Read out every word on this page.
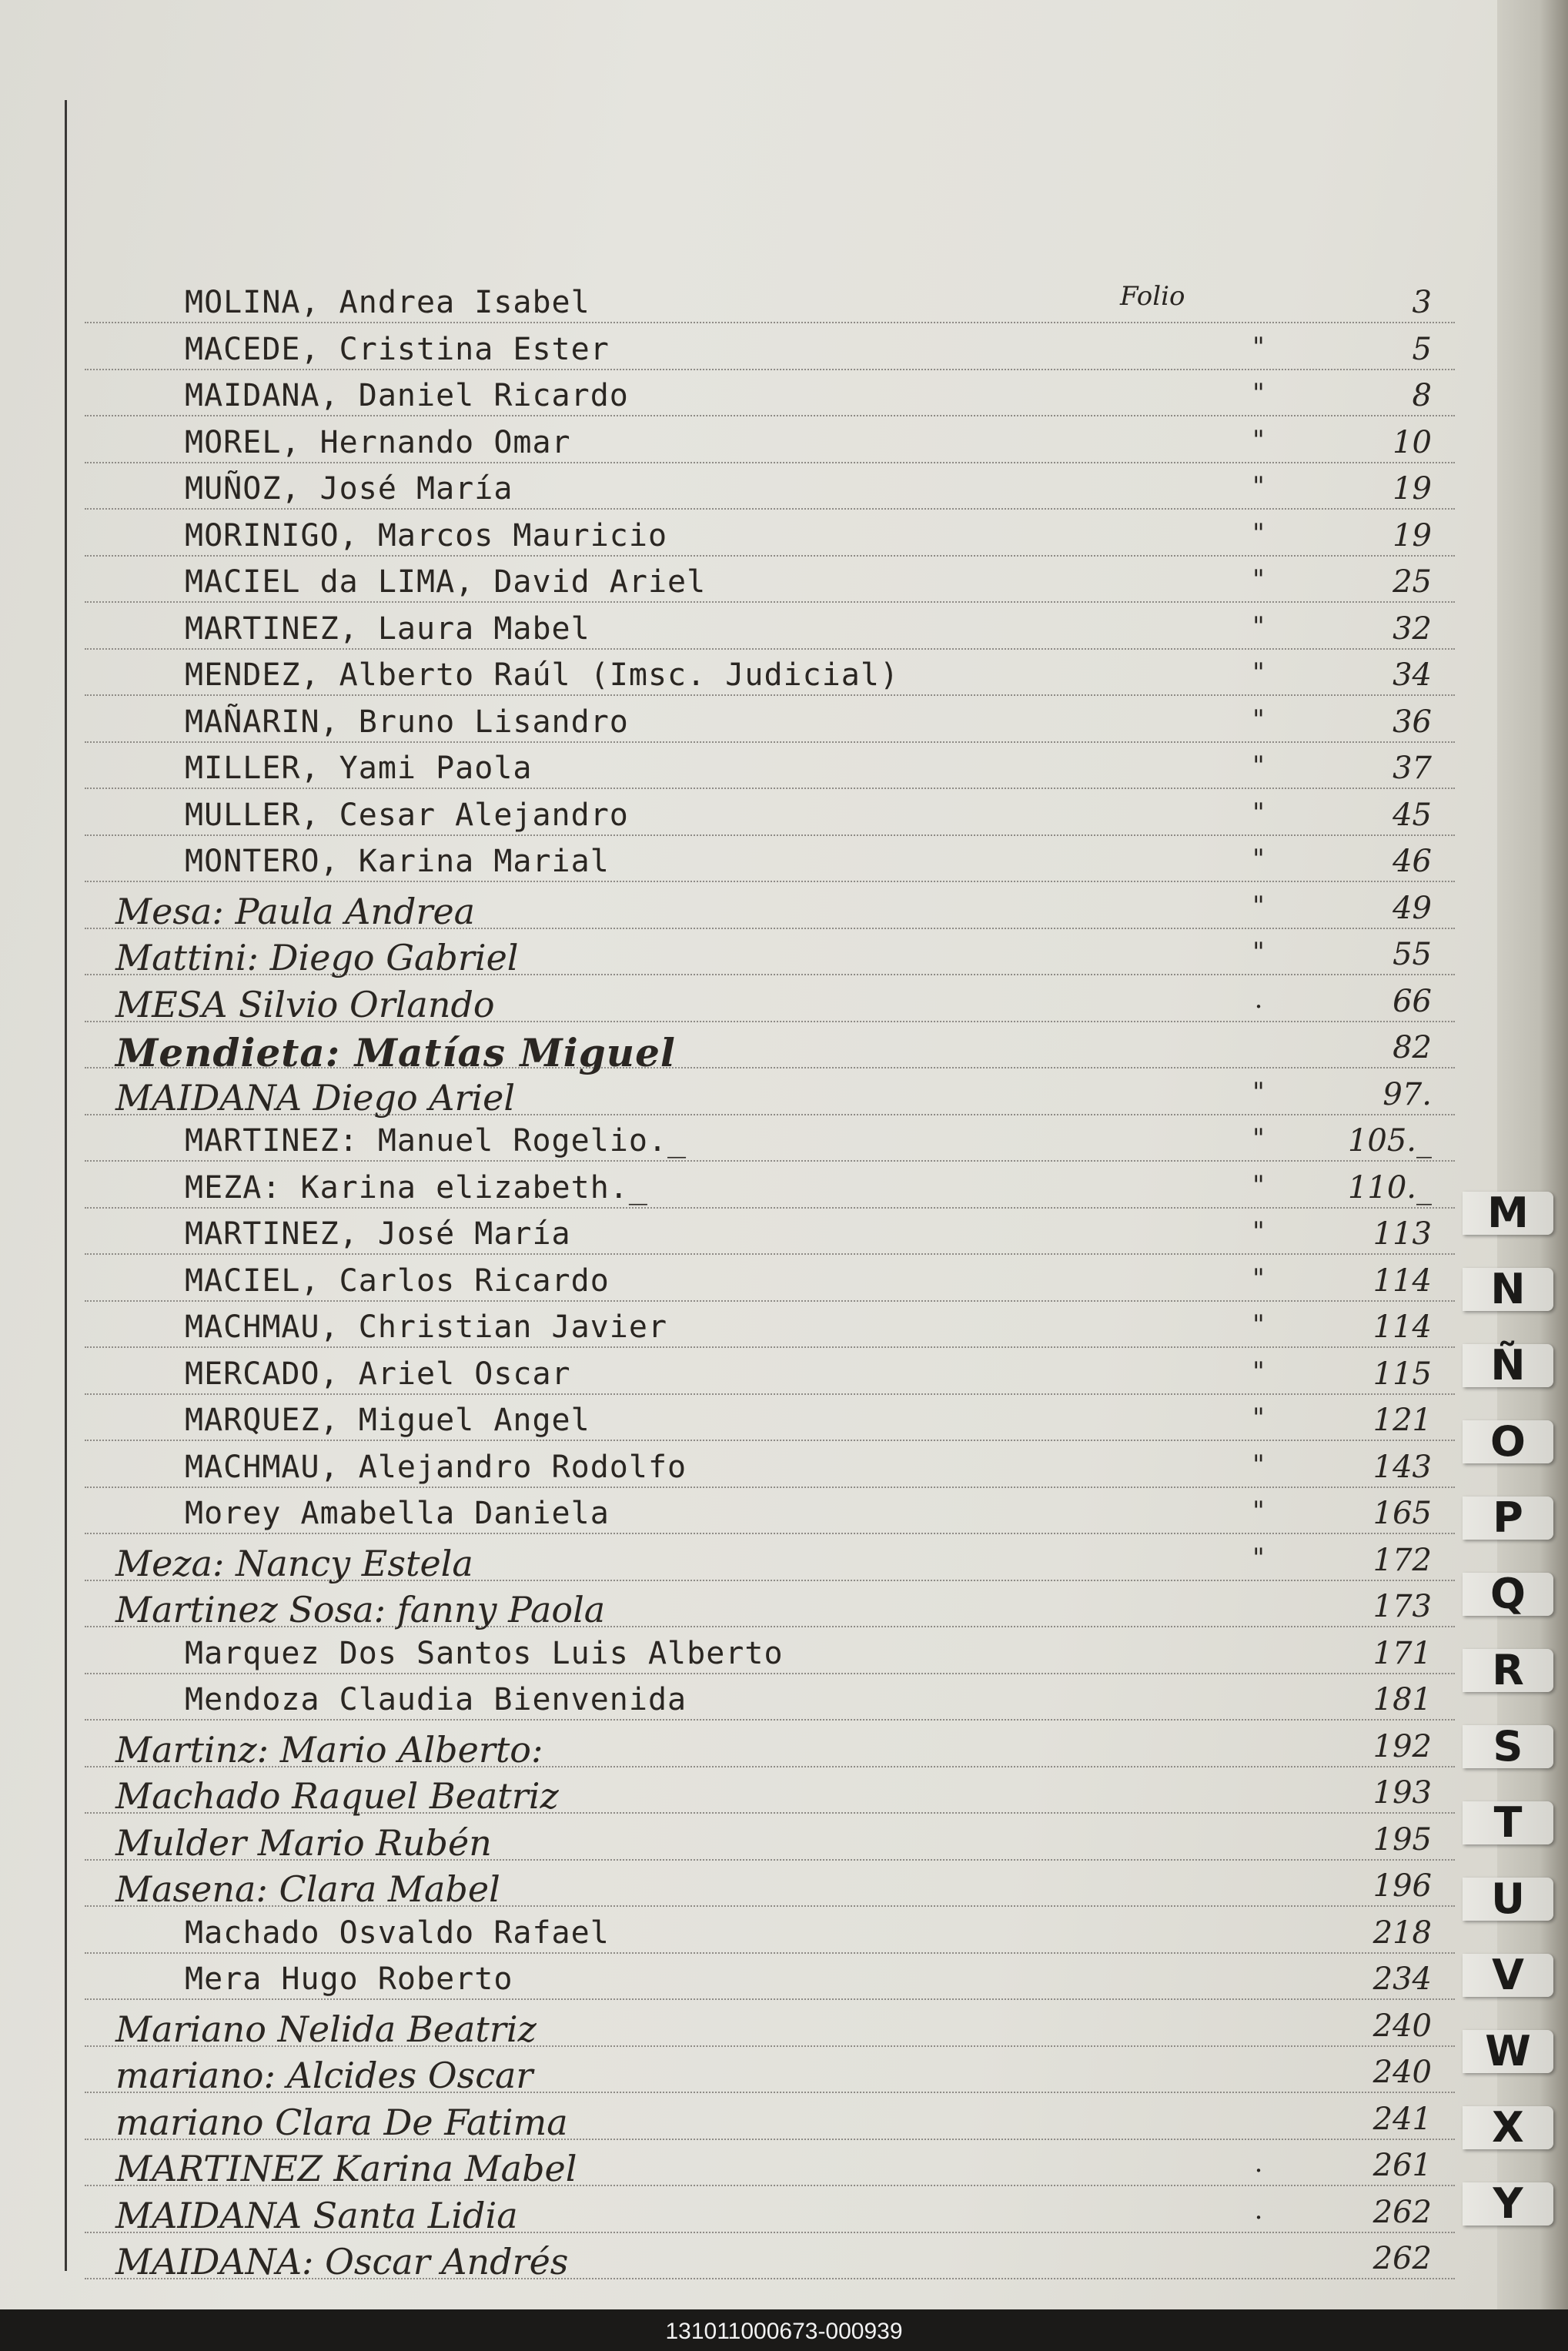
Folio
MOLINA, Andrea Isabel	3
MACEDE, Cristina Ester	"	5
MAIDANA, Daniel Ricardo	"	8
MOREL, Hernando Omar	"	10
MUÑOZ, José María	"	19
MORINIGO, Marcos Mauricio	"	19
MACIEL da LIMA, David Ariel	"	25
MARTINEZ, Laura Mabel	"	32
MENDEZ, Alberto Raúl (Imsc. Judicial)	"	34
MAÑARIN, Bruno Lisandro	"	36
MILLER, Yami Paola	"	37
MULLER, Cesar Alejandro	"	45
MONTERO, Karina Marial	"	46
Mesa: Paula Andrea	"	49
Mattini: Diego Gabriel	"	55
MESA Silvio Orlando	.	66
Mendieta: Matías Miguel	82
MAIDANA Diego Ariel	"	97.
MARTINEZ: Manuel Rogelio._	"	105._
MEZA: Karina elizabeth._	"	110._
MARTINEZ, José María	"	113
MACIEL, Carlos Ricardo	"	114
MACHMAU, Christian Javier	"	114
MERCADO, Ariel Oscar	"	115
MARQUEZ, Miguel Angel	"	121
MACHMAU, Alejandro Rodolfo	"	143
Morey Amabella Daniela	"	165
Meza: Nancy Estela	"	172
Martinez Sosa: fanny Paola	173
Marquez Dos Santos Luis Alberto	171
Mendoza Claudia Bienvenida	181
Martinz: Mario Alberto:	192
Machado Raquel Beatriz	193
Mulder Mario Rubén	195
Masena: Clara Mabel	196
Machado Osvaldo Rafael	218
Mera Hugo Roberto	234
Mariano Nelida Beatriz	240
mariano: Alcides Oscar	240
mariano Clara De Fatima	241
MARTINEZ Karina Mabel	.	261
MAIDANA Santa Lidia	.	262
MAIDANA: Oscar Andrés	262
M
N
Ñ
O
P
Q
R
S
T
U
V
W
X
Y
131011000673-000939
